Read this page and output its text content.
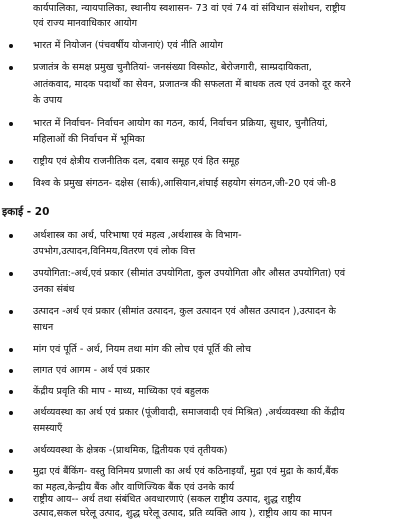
कार्यपालिका, न्यायपालिका, स्थानीय स्वशासन- 73 वां एवं 74 वां संविधान संशोधन, राष्ट्रीय
एवं राज्य मानवाधिकार आयोग
भारत में नियोजन (पंचवर्षीय योजनाएं) एवं नीति आयोग
प्रजातंत्र के समक्ष प्रमुख चुनौतियां- जनसंख्या विस्फोट, बेरोजगारी, साम्प्रदायिकता,
आतंकवाद, मादक पदार्थों का सेवन, प्रजातन्त्र की सफलता में बाधक तत्व एवं उनको दूर करने
के उपाय
भारत में निर्वाचन- निर्वाचन आयोग का गठन, कार्य, निर्वाचन प्रक्रिया, सुधार, चुनौतियां,
महिलाओं की निर्वाचन में भूमिका
राष्ट्रीय एवं क्षेत्रीय राजनीतिक दल, दबाव समूह एवं हित समूह
विश्व के प्रमुख संगठन- दक्षेस (सार्क),आसियान,शंघाई सहयोग संगठन,जी-20 एवं जी-8
इकाई - 20
अर्थशास्त्र का अर्थ, परिभाषा एवं महत्व ,अर्थशास्त्र के विभाग-
उपभोग,उत्पादन,विनिमय,वितरण एवं लोक वित्त
उपयोगिता:-अर्थ,एवं प्रकार (सीमांत उपयोगिता, कुल उपयोगिता और औसत उपयोगिता) एवं
उनका संबंध
उत्पादन -अर्थ एवं प्रकार (सीमांत उत्पादन, कुल उत्पादन एवं औसत उत्पादन ),उत्पादन के
साधन
मांग एवं पूर्ति - अर्थ, नियम तथा मांग की लोच एवं पूर्ति की लोच
लागत एवं आगम - अर्थ एवं प्रकार
केंद्रीय प्रवृति की माप - माध्य, माध्यिका एवं बहुलक
अर्थव्यवस्था का अर्थ एवं प्रकार (पूंजीवादी, समाजवादी एवं मिश्रित) ,अर्थव्यवस्था की केंद्रीय
समस्याएँ
अर्थव्यवस्था के क्षेत्रक -(प्राथमिक, द्वितीयक एवं तृतीयक)
मुद्रा एवं बैंकिंग- वस्तु विनिमय प्रणाली का अर्थ एवं कठिनाइयाँ, मुद्रा एवं मुद्रा के कार्य,बैंक
का महत्व,केन्द्रीय बैंक और वाणिज्यिक बैंक एवं उनके कार्य
राष्ट्रीय आय-- अर्थ तथा संबंधित अवधारणाएं (सकल राष्ट्रीय उत्पाद, शुद्ध राष्ट्रीय
उत्पाद,सकल घरेलू उत्पाद, शुद्ध घरेलू उत्पाद, प्रति व्यक्ति आय ), राष्ट्रीय आय का मापन
